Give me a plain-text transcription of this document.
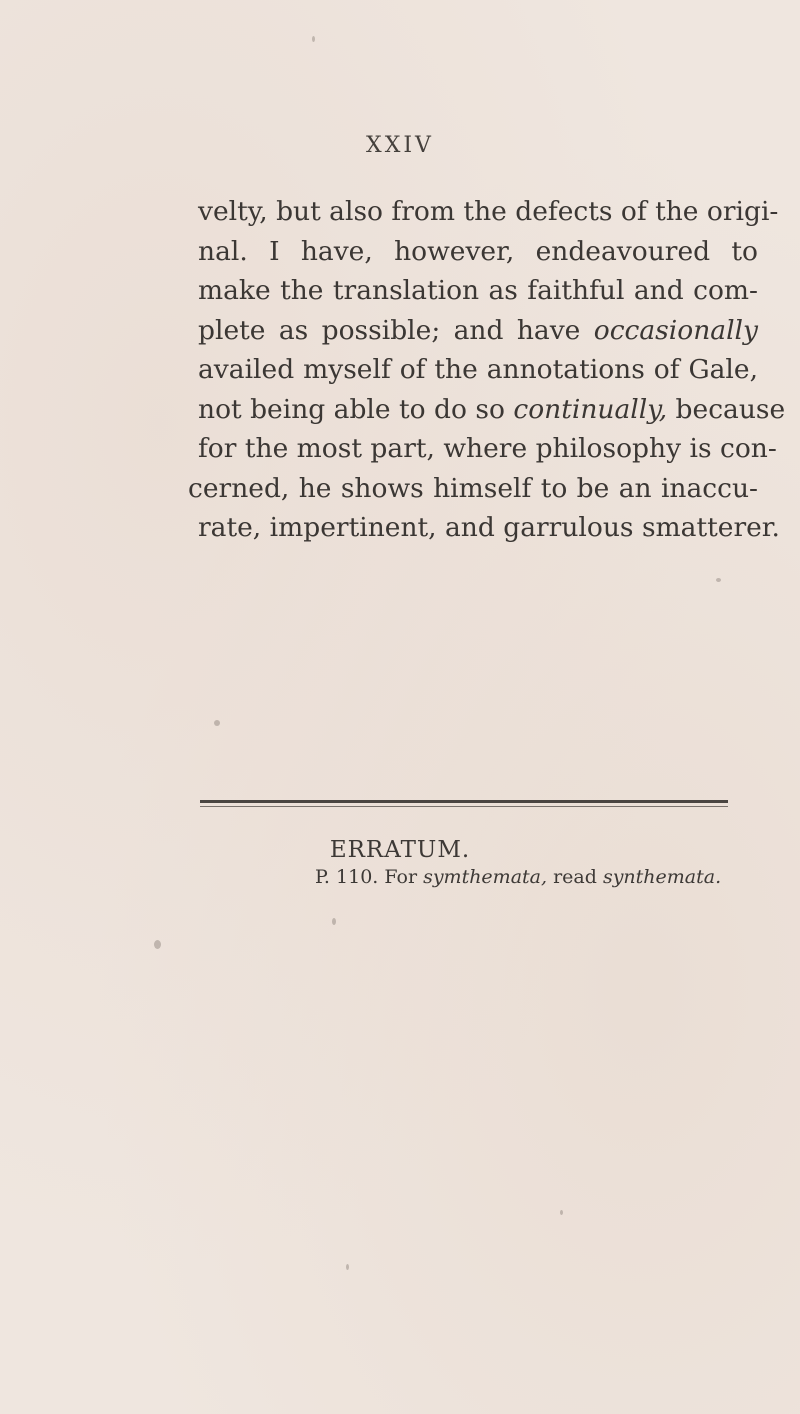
XXIV
velty, but also from the defects of the origi-
nal. I have, however, endeavoured to
make the translation as faithful and com-
plete as possible; and have occasionally
availed myself of the annotations of Gale,
not being able to do so continually, because
for the most part, where philosophy is con-
cerned, he shows himself to be an inaccu-
rate, impertinent, and garrulous smatterer.
ERRATUM.
P. 110. For symthemata, read synthemata.
